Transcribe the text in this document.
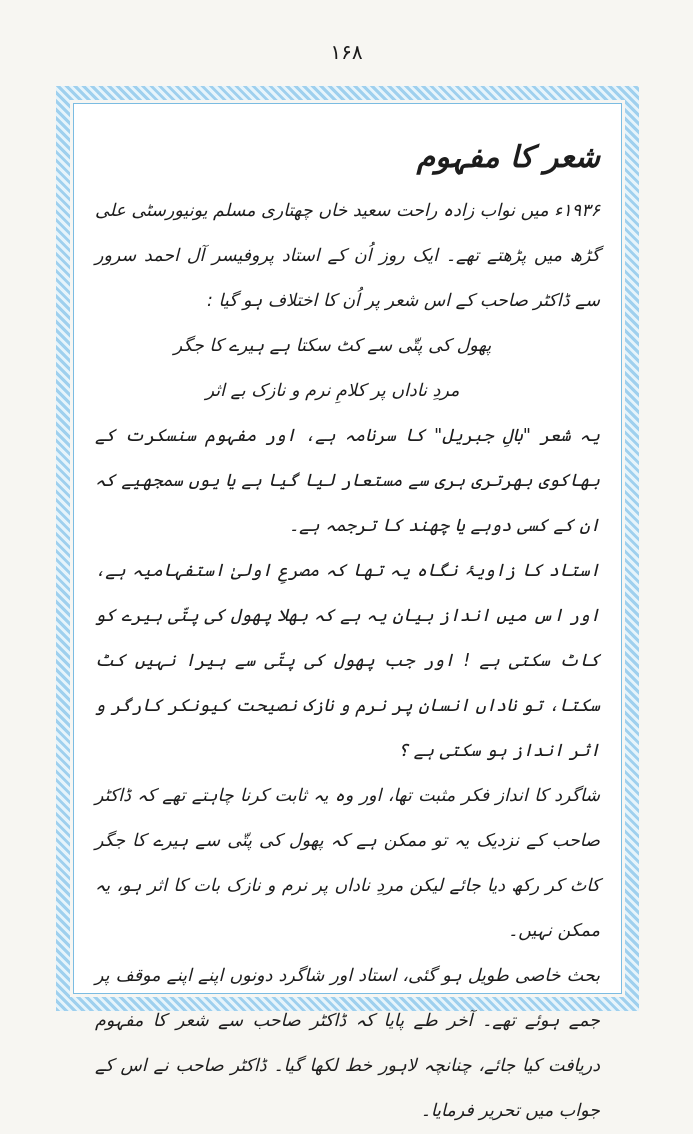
۱۶۸
شعر کا مفہوم

۱۹۳۶ء میں نواب زادہ راحت سعید خاں چھتاری مسلم یونیورسٹی علی گڑھ میں پڑھتے تھے۔ ایک روز اُن کے استاد پروفیسر آل احمد سرور سے ڈاکٹر صاحب کے اس شعر پر اُن کا اختلاف ہو گیا :

پھول کی پتّی سے کٹ سکتا ہے ہیرے کا جگر

مردِ ناداں پر کلامِ نرم و نازک بے اثر

یہ شعر "بالِ جبریل" کا سرنامہ ہے، اور مفہوم سنسکرت کے بھاکوی بھرتری ہری سے مستعار لیا گیا ہے یا یوں سمجھیے کہ ان کے کسی دوہے یا چھند کا ترجمہ ہے۔

استاد کا زاویۂ نگاہ یہ تھا کہ مصرعِ اولیٰ استفہامیہ ہے، اور اس میں انداز بیان یہ ہے کہ بھلا پھول کی پتّی ہیرے کو کاٹ سکتی ہے ! اور جب پھول کی پتّی سے ہیرا نہیں کٹ سکتا، تو ناداں انسان پر نرم و نازک نصیحت کیونکر کارگر و اثر انداز ہو سکتی ہے ؟

شاگرد کا انداز فکر مثبت تھا، اور وہ یہ ثابت کرنا چاہتے تھے کہ ڈاکٹر صاحب کے نزدیک یہ تو ممکن ہے کہ پھول کی پتّی سے ہیرے کا جگر کاٹ کر رکھ دیا جائے لیکن مردِ ناداں پر نرم و نازک بات کا اثر ہو، یہ ممکن نہیں۔

بحث خاصی طویل ہو گئی، استاد اور شاگرد دونوں اپنے اپنے موقف پر جمے ہوئے تھے۔ آخر طے پایا کہ ڈاکٹر صاحب سے شعر کا مفہوم دریافت کیا جائے، چنانچہ لاہور خط لکھا گیا۔ ڈاکٹر صاحب نے اس کے جواب میں تحریر فرمایا۔
